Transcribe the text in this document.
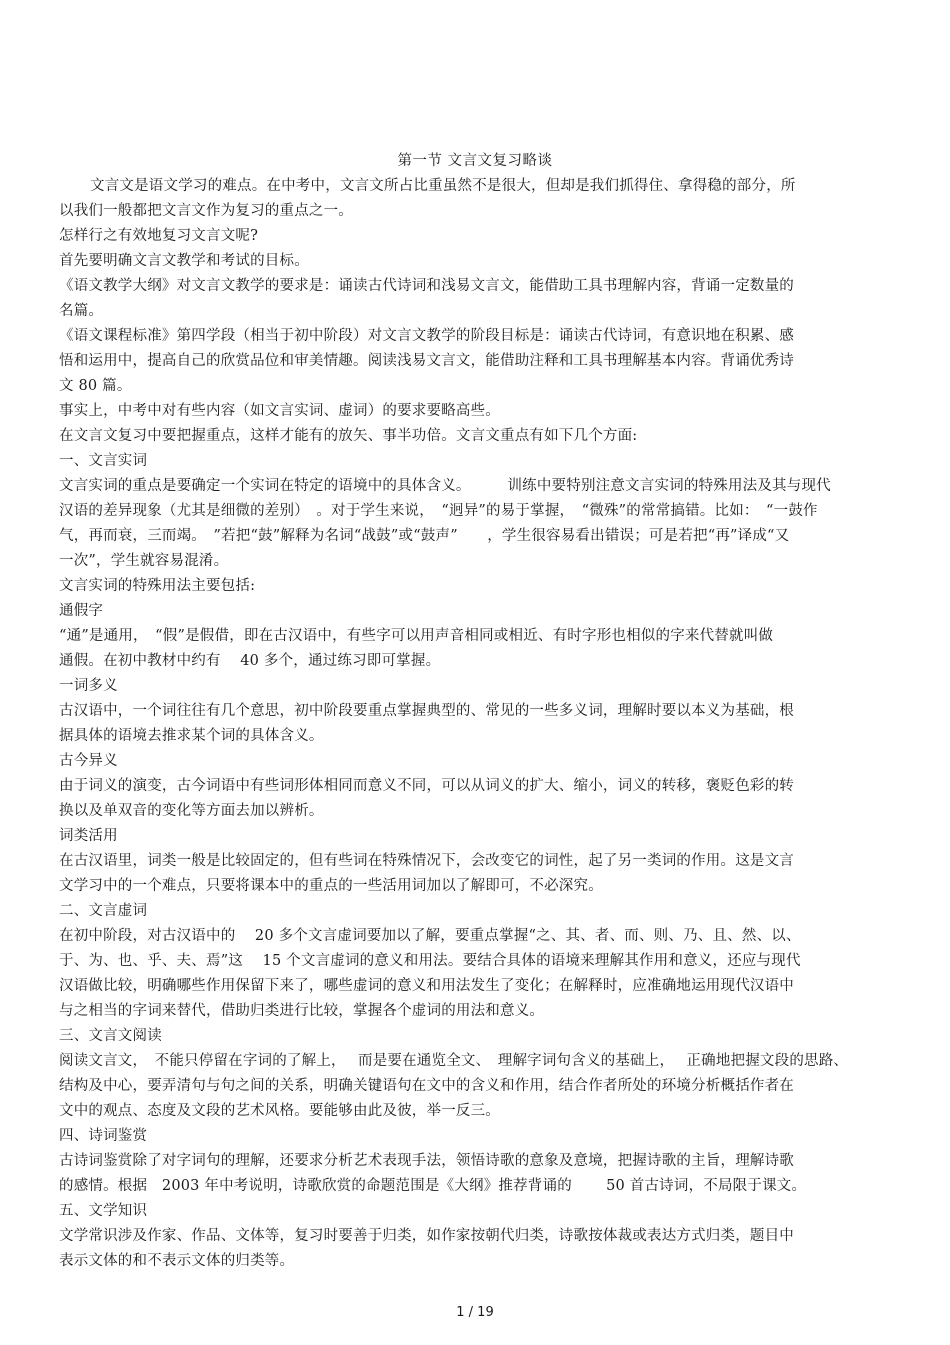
第一节 文言文复习略谈
文言文是语文学习的难点。在中考中，文言文所占比重虽然不是很大，但却是我们抓得住、拿得稳的部分，所
以我们一般都把文言文作为复习的重点之一。
怎样行之有效地复习文言文呢?
首先要明确文言文教学和考试的目标。
《语文教学大纲》对文言文教学的要求是：诵读古代诗词和浅易文言文，能借助工具书理解内容，背诵一定数量的
名篇。
《语文课程标准》第四学段（相当于初中阶段）对文言文教学的阶段目标是：诵读古代诗词，有意识地在积累、感
悟和运用中，提高自己的欣赏品位和审美情趣。阅读浅易文言文，能借助注释和工具书理解基本内容。背诵优秀诗
文 80 篇。
事实上，中考中对有些内容（如文言实词、虚词）的要求要略高些。
在文言文复习中要把握重点，这样才能有的放矢、事半功倍。文言文重点有如下几个方面:
一、文言实词
文言实词的重点是要确定一个实词在特定的语境中的具体含义。　　　训练中要特别注意文言实词的特殊用法及其与现代
汉语的差异现象（尤其是细微的差别）　。对于学生来说，　“迥异”的易于掌握，　“微殊”的常常搞错。比如：　“一鼓作
气，再而衰，三而竭。　”若把“鼓”解释为名词“战鼓”或“鼓声”　　，学生很容易看出错误；可是若把“再”译成“又
一次”，学生就容易混淆。
文言实词的特殊用法主要包括:
通假字
“通”是通用，　“假”是假借，即在古汉语中，有些字可以用声音相同或相近、有时字形也相似的字来代替就叫做
通假。在初中教材中约有　 40 多个，通过练习即可掌握。
一词多义
古汉语中，一个词往往有几个意思，初中阶段要重点掌握典型的、常见的一些多义词，理解时要以本义为基础，根
据具体的语境去推求某个词的具体含义。
古今异义
由于词义的演变，古今词语中有些词形体相同而意义不同，可以从词义的扩大、缩小，词义的转移，褒贬色彩的转
换以及单双音的变化等方面去加以辨析。
词类活用
在古汉语里，词类一般是比较固定的，但有些词在特殊情况下，会改变它的词性，起了另一类词的作用。这是文言
文学习中的一个难点，只要将课本中的重点的一些活用词加以了解即可，不必深究。
二、文言虚词
在初中阶段，对古汉语中的　 20 多个文言虚词要加以了解，要重点掌握“之、其、者、而、则、乃、且、然、以、
于、为、也、乎、夫、焉”这　 15 个文言虚词的意义和用法。要结合具体的语境来理解其作用和意义，还应与现代
汉语做比较，明确哪些作用保留下来了，哪些虚词的意义和用法发生了变化；在解释时，应准确地运用现代汉语中
与之相当的字词来替代，借助归类进行比较，掌握各个虚词的用法和意义。
三、文言文阅读
阅读文言文，　不能只停留在字词的了解上，　 而是要在通览全文、　理解字词句含义的基础上，　 正确地把握文段的思路、
结构及中心，要弄清句与句之间的关系，明确关键语句在文中的含义和作用，结合作者所处的环境分析概括作者在
文中的观点、态度及文段的艺术风格。要能够由此及彼，举一反三。
四、诗词鉴赏
古诗词鉴赏除了对字词句的理解，还要求分析艺术表现手法，领悟诗歌的意象及意境，把握诗歌的主旨，理解诗歌
的感情。根据　2003 年中考说明，诗歌欣赏的命题范围是《大纲》推荐背诵的　　 50 首古诗词，不局限于课文。
五、文学知识
文学常识涉及作家、作品、文体等，复习时要善于归类，如作家按朝代归类，诗歌按体裁或表达方式归类，题目中
表示文体的和不表示文体的归类等。
1 / 19
